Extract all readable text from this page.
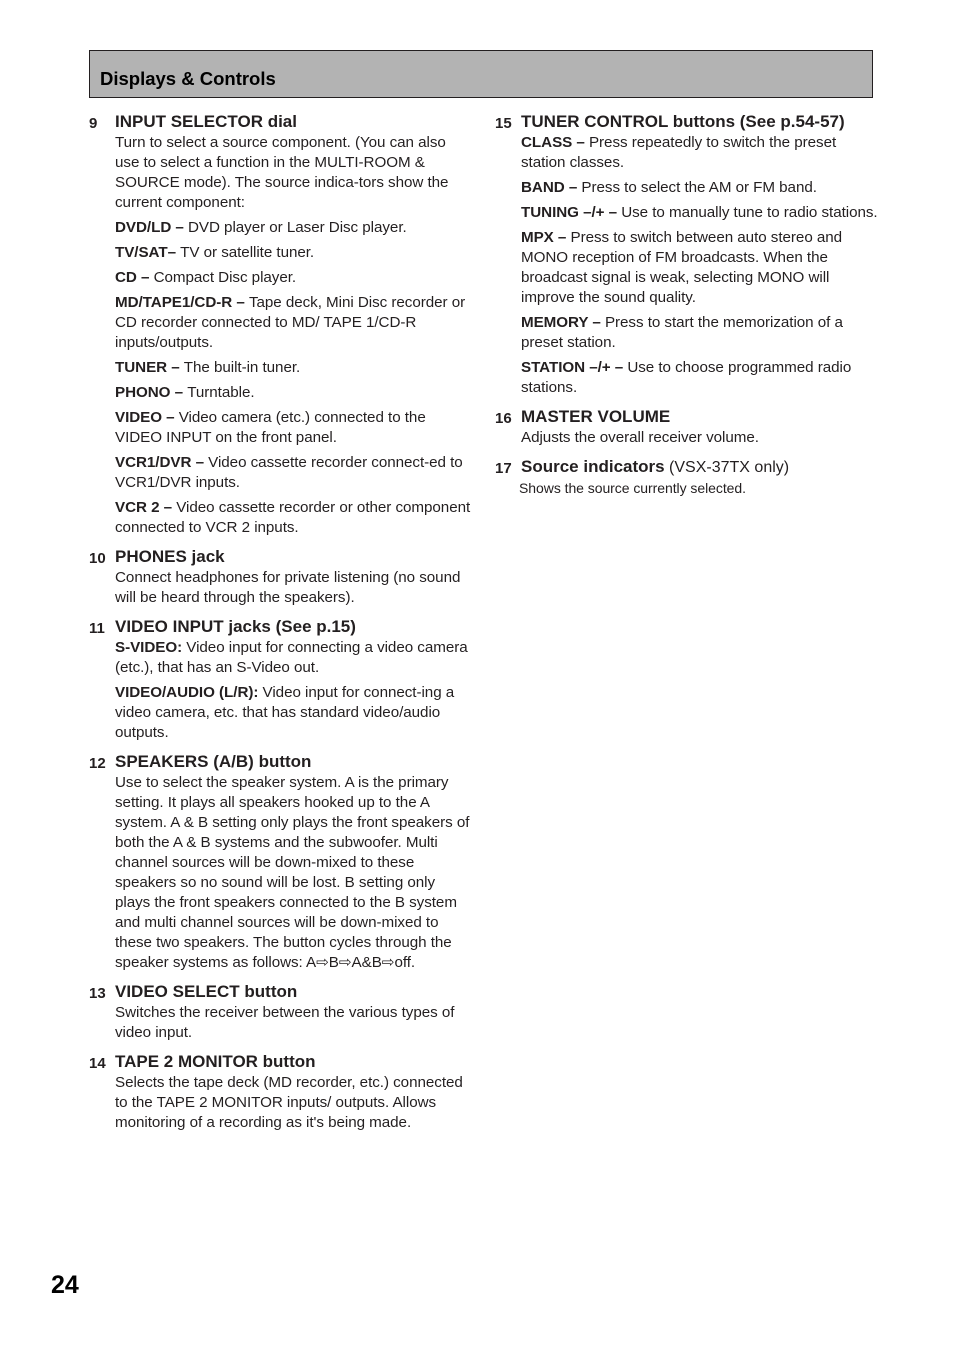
Displays & Controls
9 INPUT SELECTOR dial
Turn to select a source component. (You can also use to select a function in the MULTI-ROOM & SOURCE mode). The source indica-tors show the current component:
DVD/LD – DVD player or Laser Disc player.
TV/SAT– TV or satellite tuner.
CD – Compact Disc player.
MD/TAPE1/CD-R – Tape deck, Mini Disc recorder or CD recorder connected to MD/ TAPE 1/CD-R inputs/outputs.
TUNER – The built-in tuner.
PHONO – Turntable.
VIDEO – Video camera (etc.) connected to the VIDEO INPUT on the front panel.
VCR1/DVR – Video cassette recorder connect-ed to VCR1/DVR inputs.
VCR 2 – Video cassette recorder or other component connected to VCR 2 inputs.
10 PHONES jack
Connect headphones for private listening (no sound will be heard through the speakers).
11 VIDEO INPUT jacks (See p.15)
S-VIDEO: Video input for connecting a video camera (etc.), that has an S-Video out.
VIDEO/AUDIO (L/R): Video input for connect-ing a video camera, etc. that has standard video/audio outputs.
12 SPEAKERS (A/B) button
Use to select the speaker system. A is the primary setting. It plays all speakers hooked up to the A system. A & B setting only plays the front speakers of both the A & B systems and the subwoofer. Multi channel sources will be down-mixed to these speakers so no sound will be lost. B setting only plays the front speakers connected to the B system and multi channel sources will be down-mixed to these two speakers. The button cycles through the speaker systems as follows: A⇨B⇨A&B⇨off.
13 VIDEO SELECT button
Switches the receiver between the various types of video input.
14 TAPE 2 MONITOR button
Selects the tape deck (MD recorder, etc.) connected to the TAPE 2 MONITOR inputs/ outputs. Allows monitoring of a recording as it's being made.
15 TUNER CONTROL buttons (See p.54-57)
CLASS – Press repeatedly to switch the preset station classes.
BAND – Press to select the AM or FM band.
TUNING –/+ – Use to manually tune to radio stations.
MPX – Press to switch between auto stereo and MONO reception of FM broadcasts. When the broadcast signal is weak, selecting MONO will improve the sound quality.
MEMORY – Press to start the memorization of a preset station.
STATION –/+ – Use to choose programmed radio stations.
16 MASTER VOLUME
Adjusts the overall receiver volume.
17 Source indicators (VSX-37TX only)
Shows the source currently selected.
24
